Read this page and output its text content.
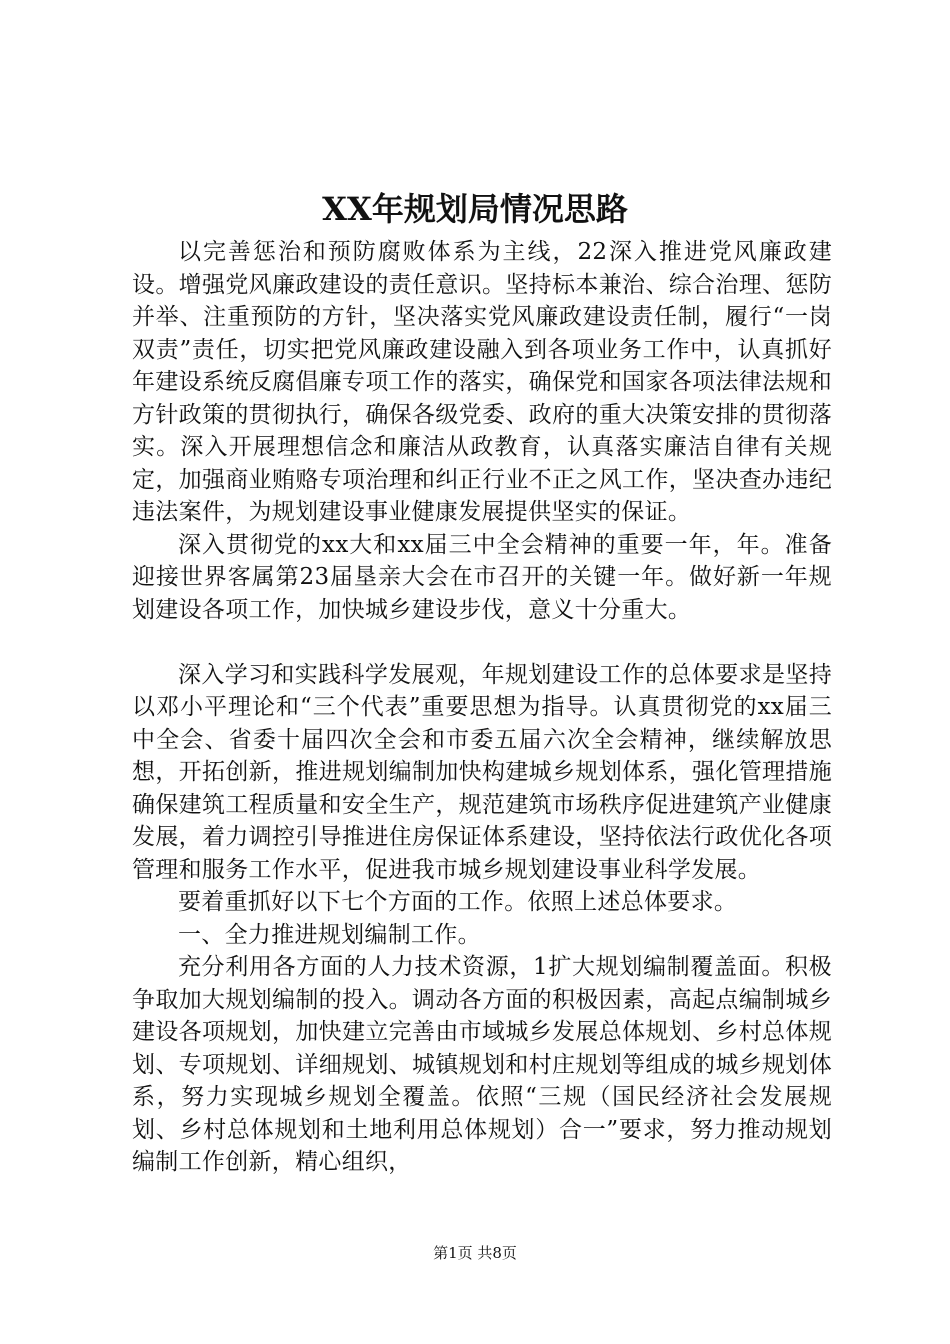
XX年规划局情况思路

以完善惩治和预防腐败体系为主线，22深入推进党风廉政建设。增强党风廉政建设的责任意识。坚持标本兼治、综合治理、惩防并举、注重预防的方针，坚决落实党风廉政建设责任制，履行“一岗双责”责任，切实把党风廉政建设融入到各项业务工作中，认真抓好年建设系统反腐倡廉专项工作的落实，确保党和国家各项法律法规和方针政策的贯彻执行，确保各级党委、政府的重大决策安排的贯彻落实。深入开展理想信念和廉洁从政教育，认真落实廉洁自律有关规定，加强商业贿赂专项治理和纠正行业不正之风工作，坚决查办违纪违法案件，为规划建设事业健康发展提供坚实的保证。

深入贯彻党的xx大和xx届三中全会精神的重要一年，年。准备迎接世界客属第23届垦亲大会在市召开的关键一年。做好新一年规划建设各项工作，加快城乡建设步伐，意义十分重大。

深入学习和实践科学发展观，年规划建设工作的总体要求是坚持以邓小平理论和“三个代表”重要思想为指导。认真贯彻党的xx届三中全会、省委十届四次全会和市委五届六次全会精神，继续解放思想，开拓创新，推进规划编制加快构建城乡规划体系，强化管理措施确保建筑工程质量和安全生产，规范建筑市场秩序促进建筑产业健康发展，着力调控引导推进住房保证体系建设，坚持依法行政优化各项管理和服务工作水平，促进我市城乡规划建设事业科学发展。

要着重抓好以下七个方面的工作。依照上述总体要求。

一、全力推进规划编制工作。

充分利用各方面的人力技术资源，1扩大规划编制覆盖面。积极争取加大规划编制的投入。调动各方面的积极因素，高起点编制城乡建设各项规划，加快建立完善由市域城乡发展总体规划、乡村总体规划、专项规划、详细规划、城镇规划和村庄规划等组成的城乡规划体系，努力实现城乡规划全覆盖。依照“三规（国民经济社会发展规划、乡村总体规划和土地利用总体规划）合一”要求，努力推动规划编制工作创新，精心组织，

第1页 共8页
